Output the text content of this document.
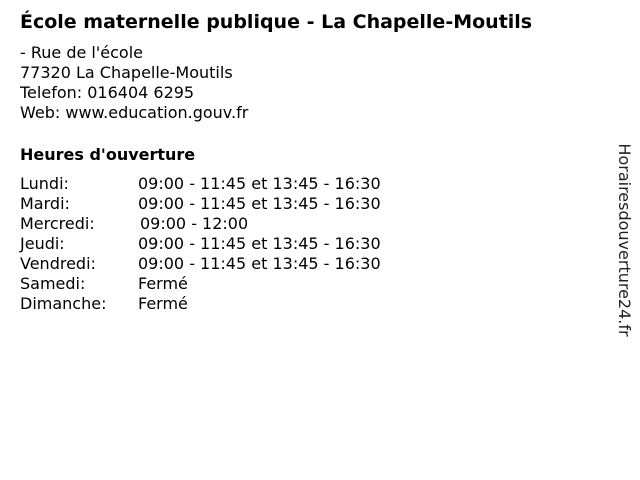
École maternelle publique - La Chapelle-Moutils
- Rue de l'école
77320 La Chapelle-Moutils
Telefon: 016404 6295
Web: www.education.gouv.fr
Heures d'ouverture
Lundi:	09:00 - 11:45 et 13:45 - 16:30
Mardi:	09:00 - 11:45 et 13:45 - 16:30
Mercredi:	09:00 - 12:00
Jeudi:	09:00 - 11:45 et 13:45 - 16:30
Vendredi:	09:00 - 11:45 et 13:45 - 16:30
Samedi:	Fermé
Dimanche:	Fermé	Horairesdouverture24.fr
